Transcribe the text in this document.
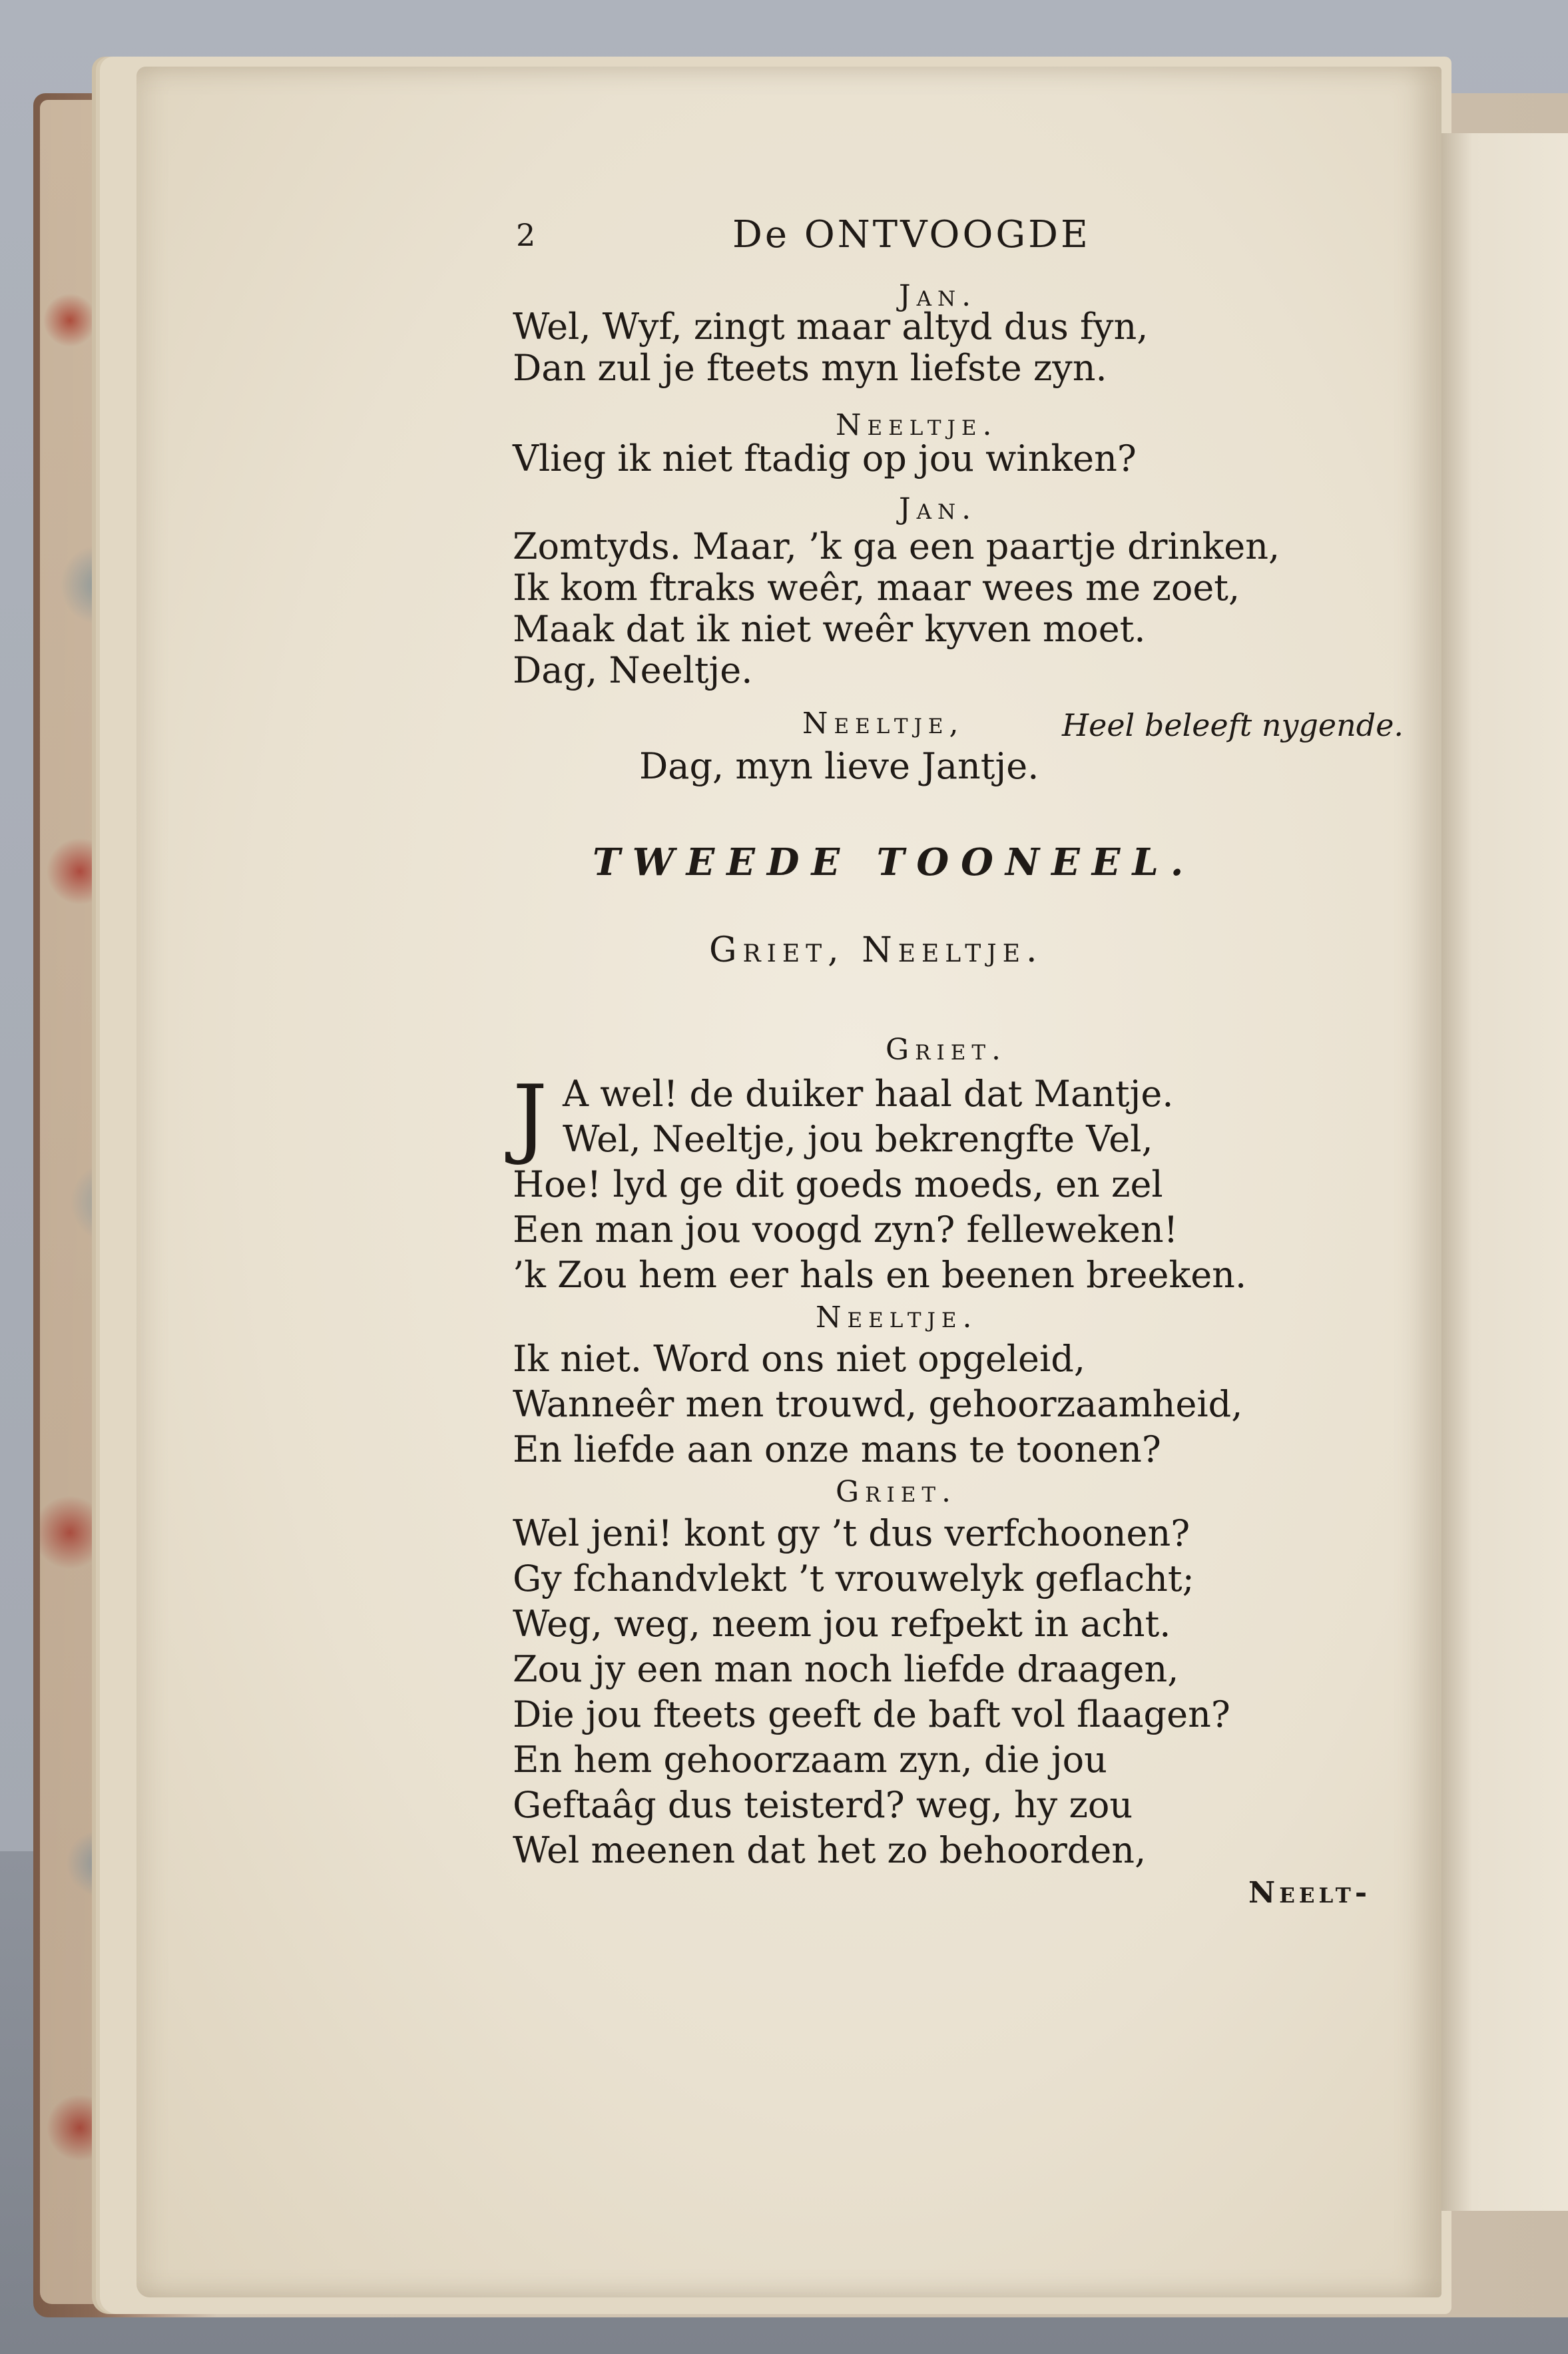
2	De ONTVOOGDE
Jan.
Wel, Wyf, zingt maar altyd dus fyn,
Dan zul je fteets myn liefste zyn.
Neeltje.
Vlieg ik niet ftadig op jou winken?
Jan.
Zomtyds. Maar, ’k ga een paartje drinken,
Ik kom ftraks weêr, maar wees me zoet,
Maak dat ik niet weêr kyven moet.
Dag, Neeltje.
Neeltje,	Heel beleeft nygende.
Dag, myn lieve Jantje.
TWEEDE TOONEEL.
Griet, Neeltje.
Griet.
J A wel! de duiker haal dat Mantje.
Wel, Neeltje, jou bekrengfte Vel,
Hoe! lyd ge dit goeds moeds, en zel
Een man jou voogd zyn? felleweken!
’k Zou hem eer hals en beenen breeken.
Neeltje.
Ik niet. Word ons niet opgeleid,
Wanneêr men trouwd, gehoorzaamheid,
En liefde aan onze mans te toonen?
Griet.
Wel jeni! kont gy ’t dus verfchoonen?
Gy fchandvlekt ’t vrouwelyk geflacht;
Weg, weg, neem jou refpekt in acht.
Zou jy een man noch liefde draagen,
Die jou fteets geeft de baft vol flaagen?
En hem gehoorzaam zyn, die jou
Geftaâg dus teisterd? weg, hy zou
Wel meenen dat het zo behoorden,
Neelt-
